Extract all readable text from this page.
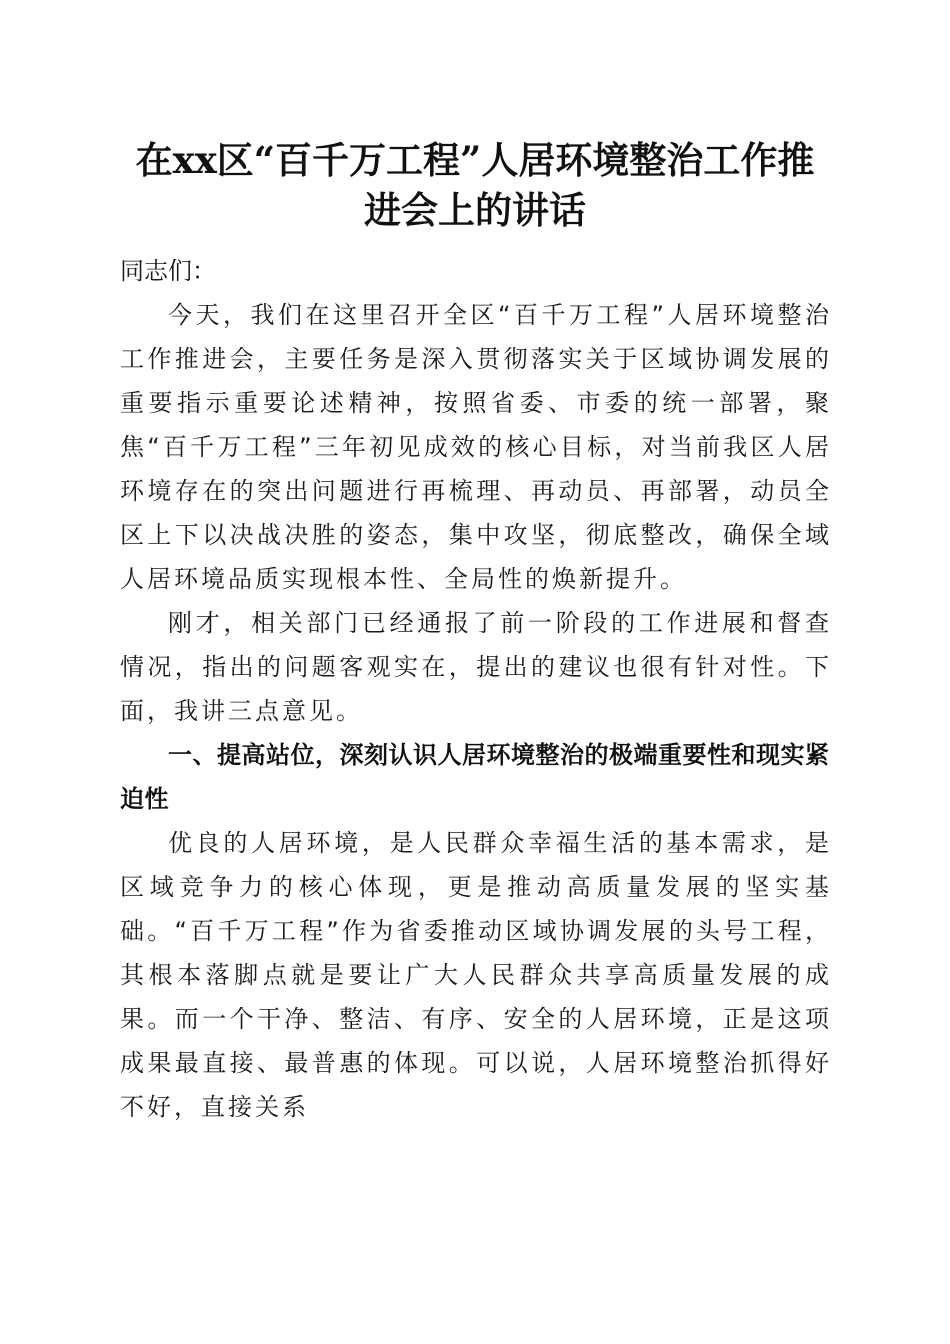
在xx区“百千万工程”人居环境整治工作推
进会上的讲话

同志们：

今天，我们在这里召开全区“百千万工程”人居环境整治工作推进会，主要任务是深入贯彻落实关于区域协调发展的重要指示重要论述精神，按照省委、市委的统一部署，聚焦“百千万工程”三年初见成效的核心目标，对当前我区人居环境存在的突出问题进行再梳理、再动员、再部署，动员全区上下以决战决胜的姿态，集中攻坚，彻底整改，确保全域人居环境品质实现根本性、全局性的焕新提升。

刚才，相关部门已经通报了前一阶段的工作进展和督查情况，指出的问题客观实在，提出的建议也很有针对性。下面，我讲三点意见。

一、提高站位，深刻认识人居环境整治的极端重要性和现实紧迫性

优良的人居环境，是人民群众幸福生活的基本需求，是区域竞争力的核心体现，更是推动高质量发展的坚实基础。“百千万工程”作为省委推动区域协调发展的头号工程，其根本落脚点就是要让广大人民群众共享高质量发展的成果。而一个干净、整洁、有序、安全的人居环境，正是这项成果最直接、最普惠的体现。可以说，人居环境整治抓得好不好，直接关系
